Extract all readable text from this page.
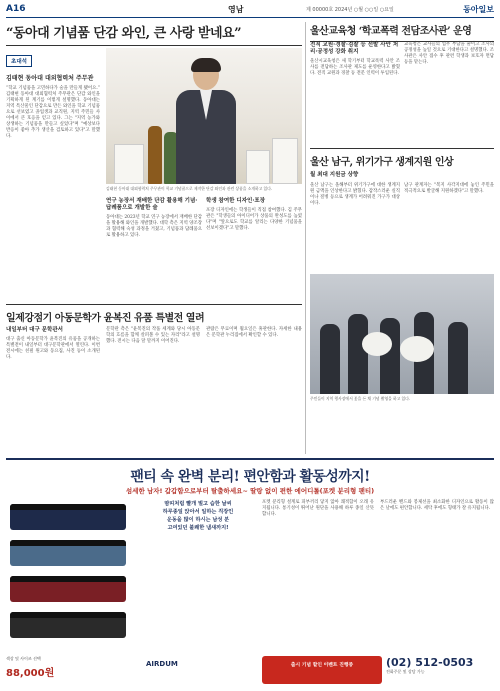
A16	영남	제 00000호 2024년 ○월 ○○일 ○요일	동아일보
“동아대 기념품 단감 와인, 큰 사랑 받네요”
초대석
김태현 동아대 대외협력처 주무관
“학교 기념품을 고민하다가 술을 만들게 됐어요.” 김태현 동아대 대외협력처 주무관은 단감 와인을 기획하게 된 계기를 이렇게 설명했다. 동아대는 지역 특산물인 단감으로 만든 와인을 학교 기념품으로 선보였고 졸업생과 교직원, 지역 주민들 사이에서 큰 호응을 얻고 있다. 그는 "지역 농가와 상생하는 기념품을 만들고 싶었다"며 "예상보다 반응이 좋아 추가 생산을 검토하고 있다"고 말했다.
김태현 동아대 대외협력처 주무관이 학교 기념품으로 제작한 단감 와인과 관련 상품을 소개하고 있다.
연구 농장서 재배한 단감 활용해 기념·답례품으로 개발한 술
동아대는 2023년 학교 연구 농장에서 재배한 단감을 활용해 와인을 개발했다. 대학 측은 지역 양조장과 협력해 숙성 과정을 거쳤고, 기념품과 답례품으로 활용하고 있다.
학생 참여한 디자인·포장
포장 디자인에는 학생들이 직접 참여했다. 김 주무관은 "학생들의 아이디어가 상품의 완성도를 높였다"며 "앞으로도 학교를 알리는 다양한 기념품을 선보이겠다"고 말했다.
일제강점기 아동문학가 윤복진 유품 특별전 열려
내일부터 대구 문학관서
대구 출신 아동문학가 윤복진의 유품을 공개하는 특별전이 내일부터 대구문학관에서 열린다. 이번 전시에는 친필 원고와 동요집, 사진 등이 소개된다.
문학관 측은 "윤복진의 작품 세계와 당시 아동문학의 흐름을 함께 살펴볼 수 있는 자리"라고 설명했다. 전시는 다음 달 말까지 이어진다.
관람은 무료이며 월요일은 휴관한다. 자세한 내용은 문학관 누리집에서 확인할 수 있다.
울산교육청 ‘학교폭력 전담조사관’ 운영
전직 교원·경찰·검찰 등 선발 사안 처리·공정성 강화 취지
울산시교육청은 새 학기부터 학교폭력 사안 조사를 전담하는 조사관 제도를 운영한다고 밝혔다. 전직 교원과 경찰 등 전문 인력이 투입된다.
교육청은 교사들의 업무 부담을 줄이고 조사의 공정성을 높일 것으로 기대한다고 설명했다. 조사관은 사안 접수 후 관련 학생과 보호자 면담 등을 맡는다.
울산 남구, 위기가구 생계지원 인상
월 최대 지원금 상향
울산 남구는 올해부터 위기가구에 대한 생계지원 금액을 인상한다고 밝혔다. 갑작스러운 실직이나 질병 등으로 생계가 어려워진 가구가 대상이다.
남구 관계자는 "복지 사각지대에 놓인 주민을 적극적으로 발굴해 지원하겠다"고 말했다.
주민들이 지역 행사장에서 꽃을 든 채 기념 촬영을 하고 있다.
팬티 속 완벽 분리! 편안함과 활동성까지!
섬세한 남자! 갑갑함으로부터 탈출하세요~ 딸랑 없이 편한 에어디톨(포켓 분리형 팬티)
땀띠처럼 빨개 벌고 습한 날씨
하루종일 앉아서 일하는 직장인
운동을 많이 하시는 남성 분
고여있던 불쾌한 냄새까지!
포켓 분리형 설계로 피부끼리 닿지 않아 쾌적함이 오래 유지됩니다. 통기성이 뛰어난 원단을 사용해 하루 종일 산뜻합니다.
부드러운 밴드와 봉제선을 최소화한 디자인으로 활동이 많은 날에도 편안합니다. 세탁 후에도 형태가 잘 유지됩니다.
색상 및 사이즈 선택
88,000원
AIRDUM	출시 기념 할인 이벤트 진행중	(02) 512-0503
전화주문 및 상담 가능
